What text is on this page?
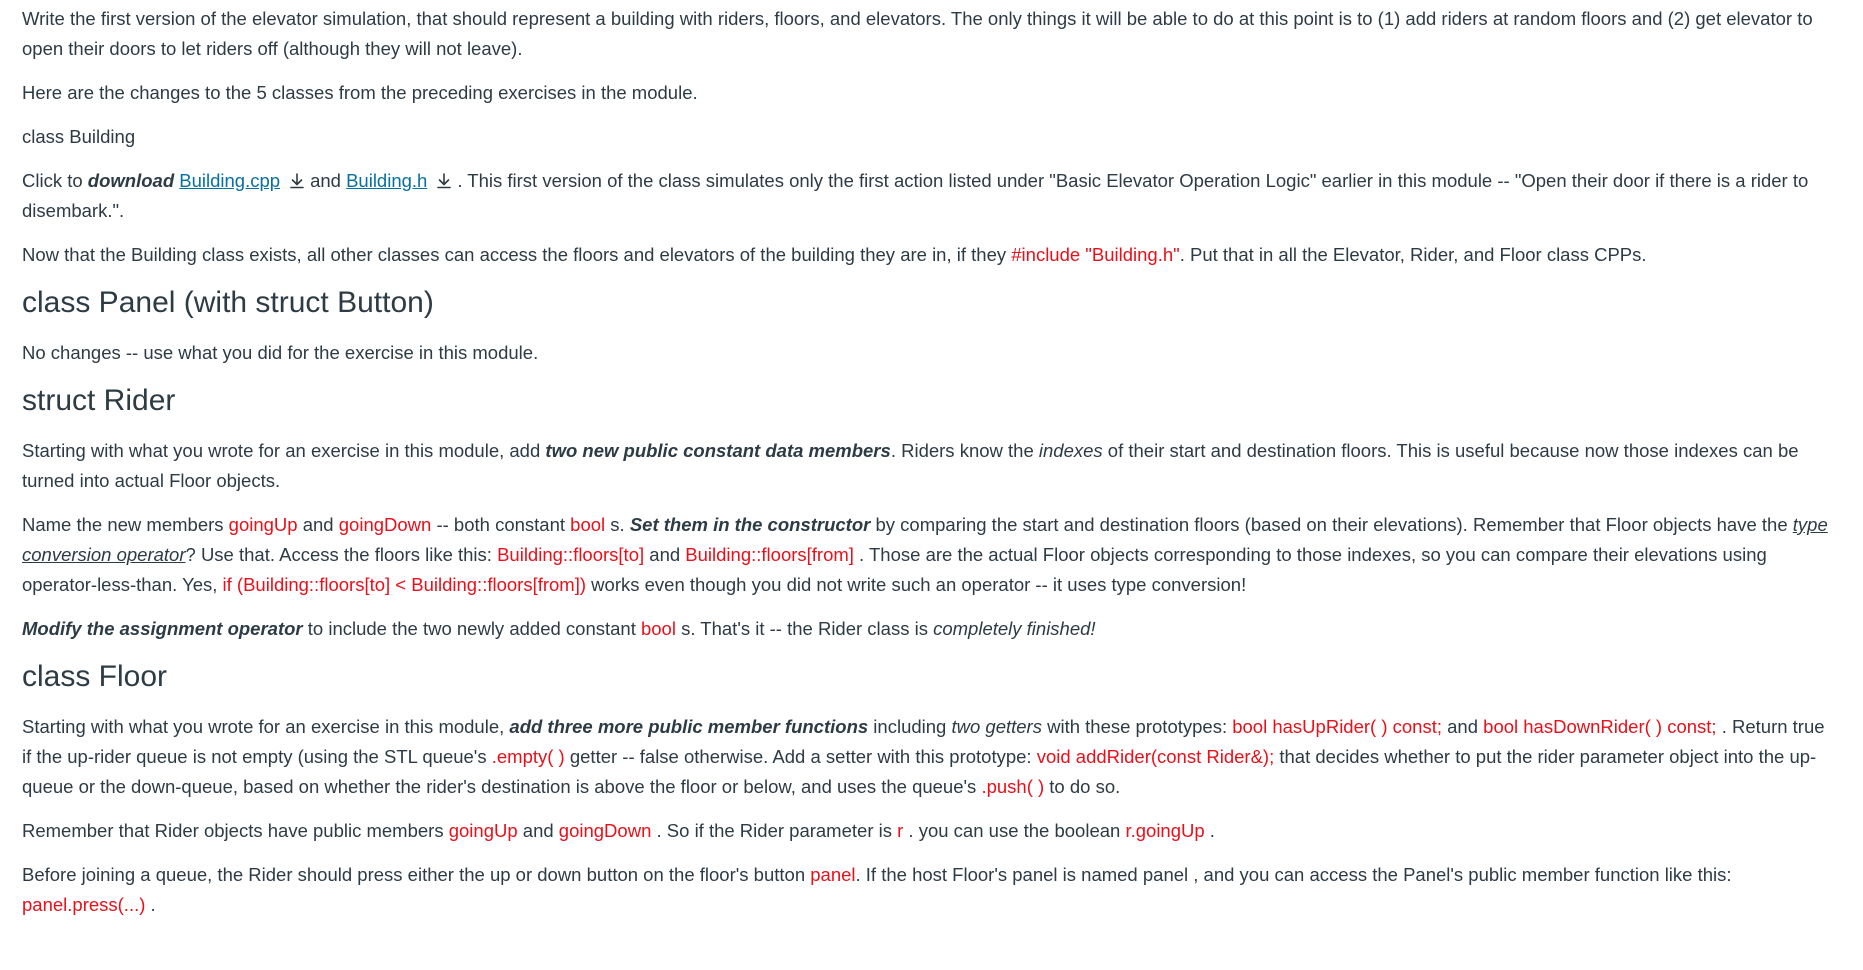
Write the first version of the elevator simulation, that should represent a building with riders, floors, and elevators. The only things it will be able to do at this point is to (1) add riders at random floors and (2) get elevator to open their doors to let riders off (although they will not leave).

Here are the changes to the 5 classes from the preceding exercises in the module.

class Building

Click to download Building.cpp and Building.h . This first version of the class simulates only the first action listed under "Basic Elevator Operation Logic" earlier in this module -- "Open their door if there is a rider to disembark.".

Now that the Building class exists, all other classes can access the floors and elevators of the building they are in, if they #include "Building.h". Put that in all the Elevator, Rider, and Floor class CPPs.

class Panel (with struct Button)

No changes -- use what you did for the exercise in this module.

struct Rider

Starting with what you wrote for an exercise in this module, add two new public constant data members. Riders know the indexes of their start and destination floors. This is useful because now those indexes can be turned into actual Floor objects.

Name the new members goingUp and goingDown -- both constant bool s. Set them in the constructor by comparing the start and destination floors (based on their elevations). Remember that Floor objects have the type conversion operator? Use that. Access the floors like this: Building::floors[to] and Building::floors[from] . Those are the actual Floor objects corresponding to those indexes, so you can compare their elevations using operator-less-than. Yes, if (Building::floors[to] < Building::floors[from]) works even though you did not write such an operator -- it uses type conversion!

Modify the assignment operator to include the two newly added constant bool s. That's it -- the Rider class is completely finished!

class Floor

Starting with what you wrote for an exercise in this module, add three more public member functions including two getters with these prototypes: bool hasUpRider( ) const; and bool hasDownRider( ) const; . Return true if the up-rider queue is not empty (using the STL queue's .empty( ) getter -- false otherwise. Add a setter with this prototype: void addRider(const Rider&); that decides whether to put the rider parameter object into the up-queue or the down-queue, based on whether the rider's destination is above the floor or below, and uses the queue's .push( ) to do so.

Remember that Rider objects have public members goingUp and goingDown . So if the Rider parameter is r . you can use the boolean r.goingUp .

Before joining a queue, the Rider should press either the up or down button on the floor's button panel. If the host Floor's panel is named panel , and you can access the Panel's public member function like this: panel.press(...) .
